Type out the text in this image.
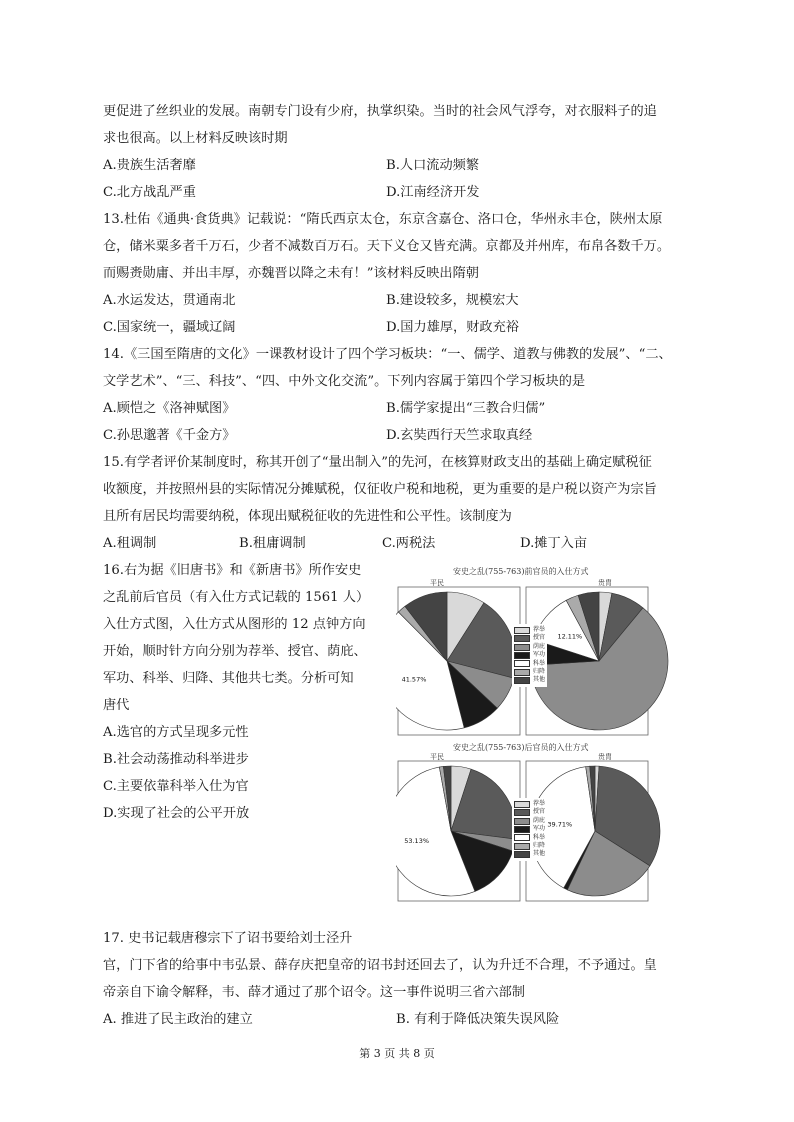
更促进了丝织业的发展。南朝专门设有少府，执掌织染。当时的社会风气浮夸，对衣服料子的追
求也很高。以上材料反映该时期
A.贵族生活奢靡	B.人口流动频繁
C.北方战乱严重	D.江南经济开发
13.杜佑《通典·食货典》记载说：“隋氏西京太仓，东京含嘉仓、洛口仓，华州永丰仓，陕州太原
仓，储米粟多者千万石，少者不减数百万石。天下义仓又皆充满。京都及并州库，布帛各数千万。
而赐赉勋庸、并出丰厚，亦魏晋以降之未有！”该材料反映出隋朝
A.水运发达，贯通南北	B.建设较多，规模宏大
C.国家统一，疆域辽阔	D.国力雄厚，财政充裕
14.《三国至隋唐的文化》一课教材设计了四个学习板块：“一、儒学、道教与佛教的发展”、“二、
文学艺术”、“三、科技”、“四、中外文化交流”。下列内容属于第四个学习板块的是
A.顾恺之《洛神赋图》	B.儒学家提出“三教合归儒”
C.孙思邈著《千金方》	D.玄奘西行天竺求取真经
15.有学者评价某制度时，称其开创了“量出制入”的先河，在核算财政支出的基础上确定赋税征
收额度，并按照州县的实际情况分摊赋税，仅征收户税和地税，更为重要的是户税以资产为宗旨
且所有居民均需要纳税，体现出赋税征收的先进性和公平性。该制度为
A.租调制	B.租庸调制	C.两税法	D.摊丁入亩
16.右为据《旧唐书》和《新唐书》所作安史
之乱前后官员（有入仕方式记载的 1561 人）
入仕方式图，入仕方式从图形的 12 点钟方向
开始，顺时针方向分别为荐举、授官、荫庇、
军功、科举、归降、其他共七类。分析可知
唐代
A.选官的方式呈现多元性
B.社会动荡推动科举进步
C.主要依靠科举入仕为官
D.实现了社会的公平开放
安史之乱(755-763)前官员的入仕方式
平民	贵胄
41.57%
12.11%
荐举
授官
荫庇
军功
科举
归降
其他
安史之乱(755-763)后官员的入仕方式
平民	贵胄
53.13%
39.71%
荐举
授官
荫庇
军功
科举
归降
其他
17. 史书记载唐穆宗下了诏书要给刘士泾升
官，门下省的给事中韦弘景、薛存庆把皇帝的诏书封还回去了，认为升迁不合理，不予通过。皇
帝亲自下谕令解释，韦、薛才通过了那个诏令。这一事件说明三省六部制
A. 推进了民主政治的建立	B. 有利于降低决策失误风险
第 3 页 共 8 页
